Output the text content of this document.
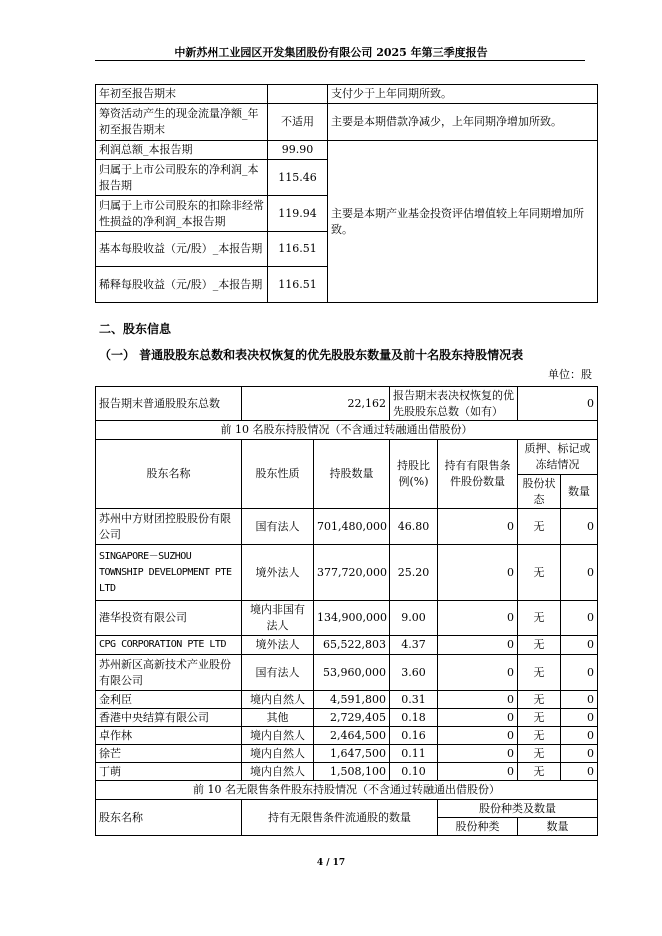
中新苏州工业园区开发集团股份有限公司 2025 年第三季度报告
年初至报告期末		支付少于上年同期所致。
筹资活动产生的现金流量净额_年初至报告期末	不适用	主要是本期借款净减少，上年同期净增加所致。
利润总额_本报告期	99.90	主要是本期产业基金投资评估增值较上年同期增加所致。
归属于上市公司股东的净利润_本报告期	115.46	
归属于上市公司股东的扣除非经常性损益的净利润_本报告期	119.94	
基本每股收益（元/股）_本报告期	116.51	
稀释每股收益（元/股）_本报告期	116.51	
二、股东信息
（一） 普通股股东总数和表决权恢复的优先股股东数量及前十名股东持股情况表
单位：股
报告期末普通股股东总数	22,162		报告期末表决权恢复的优先股股东总数（如有）		0	
前 10 名股东持股情况（不含通过转融通出借股份）						
股东名称	股东性质	持股数量	持股比例(%)	持有有限售条件股份数量	质押、标记或冻结情况	
					股份状态	数量
苏州中方财团控股股份有限公司	国有法人	701,480,000	46.80	0	无	0
SINGAPORE－SUZHOU TOWNSHIP DEVELOPMENT PTE LTD	境外法人	377,720,000	25.20	0	无	0
港华投资有限公司	境内非国有法人	134,900,000	9.00	0	无	0
CPG CORPORATION PTE LTD	境外法人	65,522,803	4.37	0	无	0
苏州新区高新技术产业股份有限公司	国有法人	53,960,000	3.60	0	无	0
金利臣	境内自然人	4,591,800	0.31	0	无	0
香港中央结算有限公司	其他	2,729,405	0.18	0	无	0
卓作林	境内自然人	2,464,500	0.16	0	无	0
徐芒	境内自然人	1,647,500	0.11	0	无	0
丁萌	境内自然人	1,508,100	0.10	0	无	0
前 10 名无限售条件股东持股情况（不含通过转融通出借股份）						
股东名称	持有无限售条件流通股的数量			股份种类及数量		
				股份种类	数量	
4 / 17
